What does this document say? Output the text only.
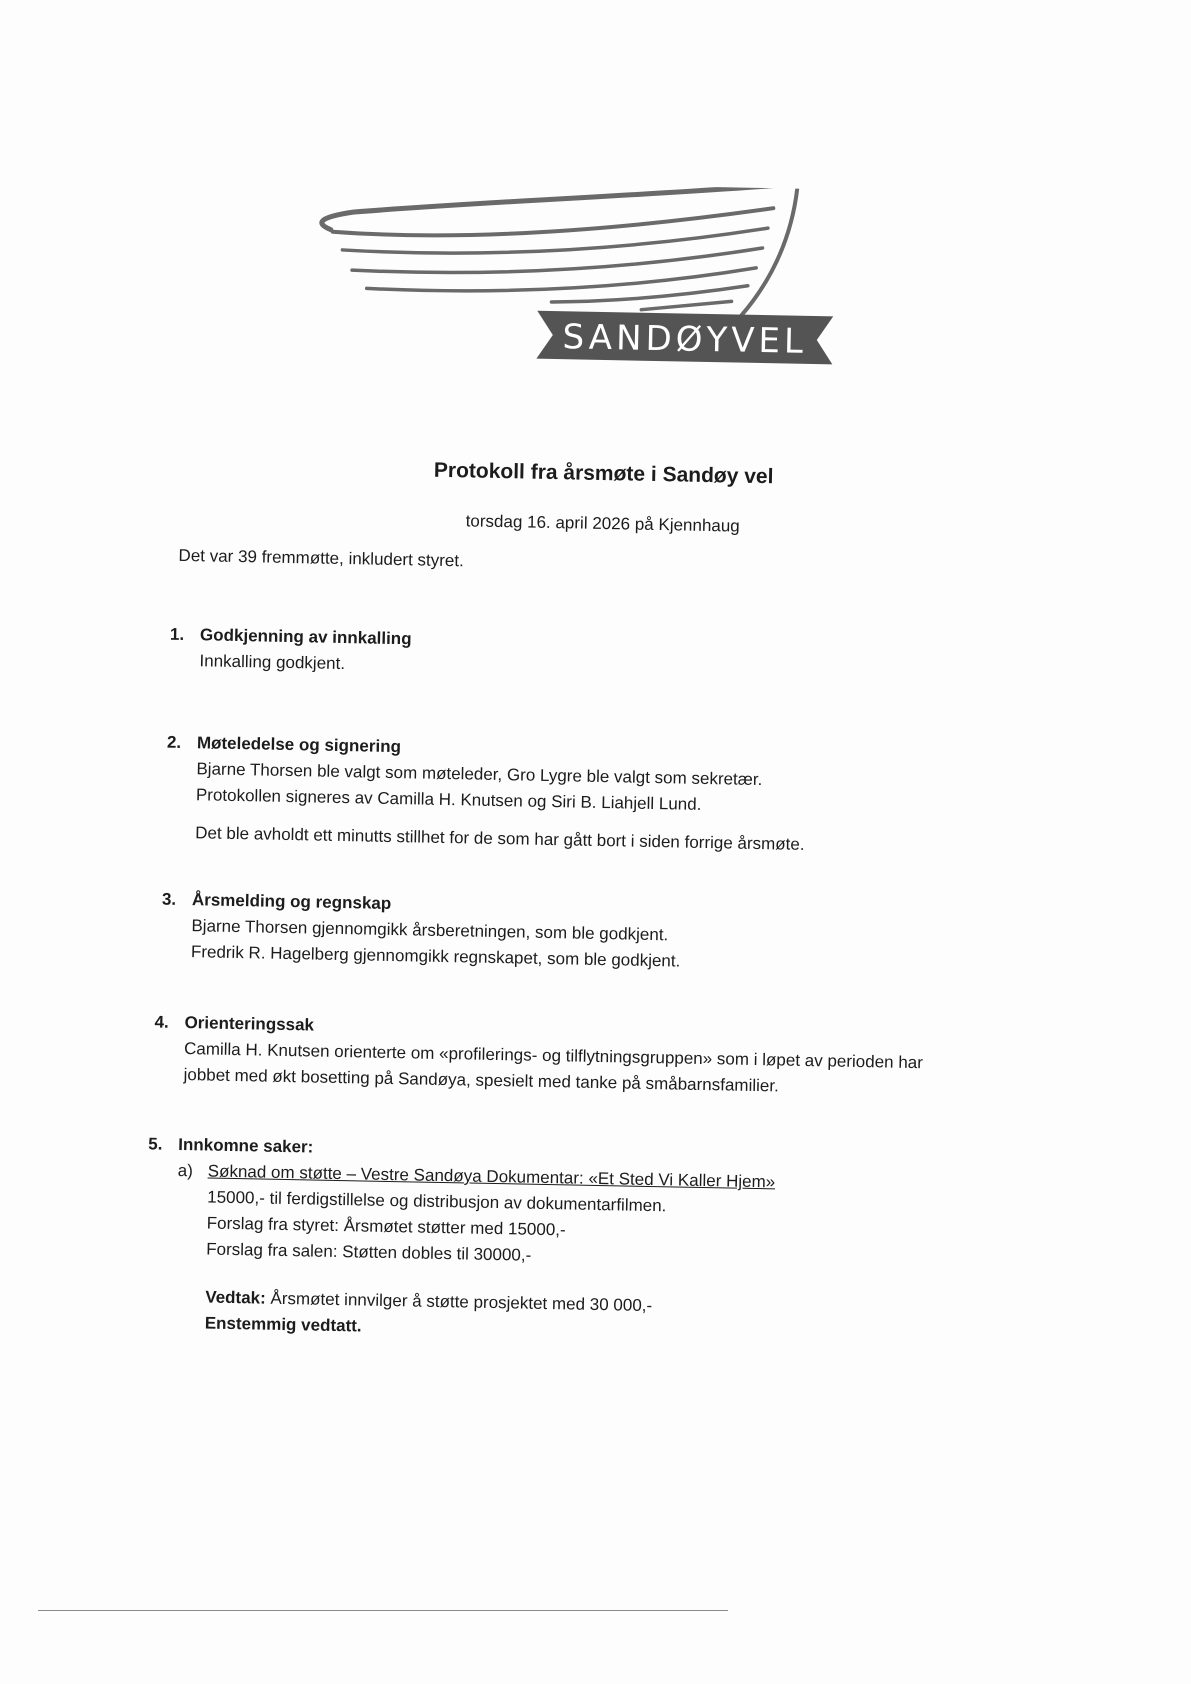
SANDØYVEL
Protokoll fra årsmøte i Sandøy vel
torsdag 16. april 2026 på Kjennhaug
Det var 39 fremmøtte, inkludert styret.
1. Godkjenning av innkalling
Innkalling godkjent.
2. Møteledelse og signering
Bjarne Thorsen ble valgt som møteleder, Gro Lygre ble valgt som sekretær.
Protokollen signeres av Camilla H. Knutsen og Siri B. Liahjell Lund.
Det ble avholdt ett minutts stillhet for de som har gått bort i siden forrige årsmøte.
3. Årsmelding og regnskap
Bjarne Thorsen gjennomgikk årsberetningen, som ble godkjent.
Fredrik R. Hagelberg gjennomgikk regnskapet, som ble godkjent.
4. Orienteringssak
Camilla H. Knutsen orienterte om «profilerings- og tilflytningsgruppen» som i løpet av perioden har
jobbet med økt bosetting på Sandøya, spesielt med tanke på småbarnsfamilier.
5. Innkomne saker:
a) Søknad om støtte – Vestre Sandøya Dokumentar: «Et Sted Vi Kaller Hjem»
15000,- til ferdigstillelse og distribusjon av dokumentarfilmen.
Forslag fra styret: Årsmøtet støtter med 15000,-
Forslag fra salen: Støtten dobles til 30000,-
Vedtak: Årsmøtet innvilger å støtte prosjektet med 30 000,-
Enstemmig vedtatt.
